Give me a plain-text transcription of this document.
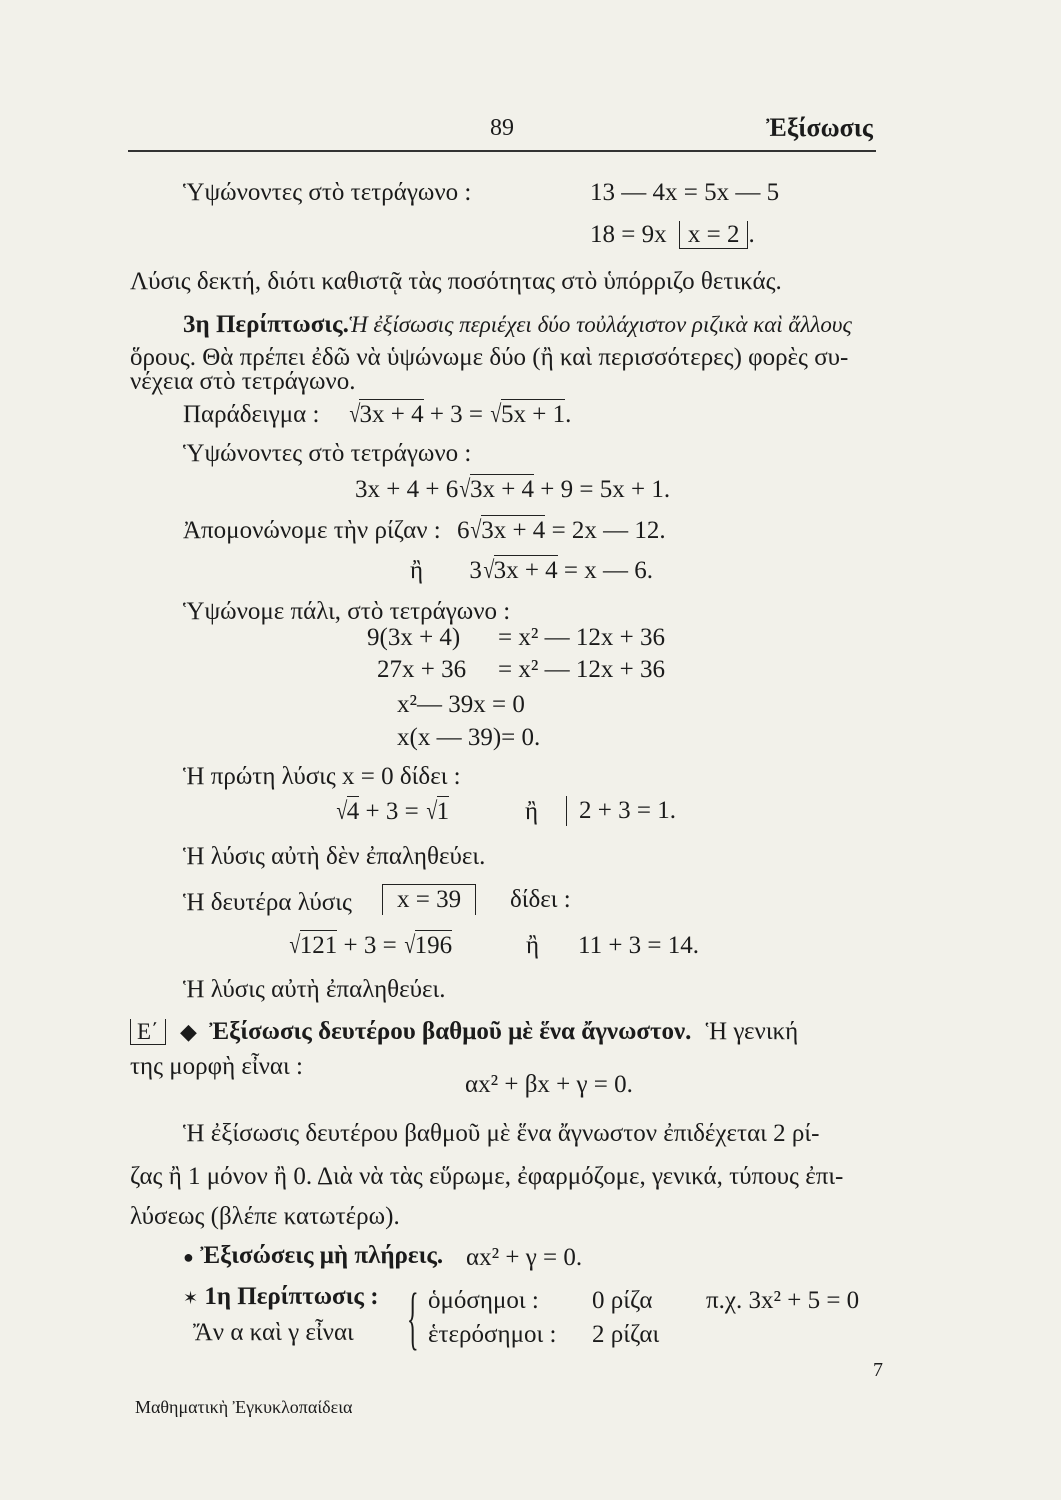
89	Ἐξίσωσις
Ὑψώνοντες στὸ τετράγωνο :	13 — 4x = 5x — 5
18 = 9x x = 2 .
Λύσις δεκτή, διότι καθιστᾷ τὰς ποσότητας στὸ ὑπόρριζο θετικάς.
3η Περίπτωσις.Ἡ ἐξίσωσις περιέχει δύο τοὐλάχιστον ριζικὰ καὶ ἄλλους
ὅρους. Θὰ πρέπει ἐδῶ νὰ ὑψώνωμε δύο (ἢ καὶ περισσότερες) φορὲς συ-
νέχεια στὸ τετράγωνο.
Παράδειγμα : √3x + 4 + 3 = √5x + 1.
Ὑψώνοντες στὸ τετράγωνο :
3x + 4 + 6√3x + 4 + 9 = 5x + 1.
Ἀπομονώνομε τὴν ρίζαν : 6√3x + 4 = 2x — 12.
ἢ 3√3x + 4 = x — 6.
Ὑψώνομε πάλι, στὸ τετράγωνο :
9(3x + 4) = x² — 12x + 36
27x + 36 = x² — 12x + 36
x²— 39x = 0
x(x — 39)= 0.
Ἡ πρώτη λύσις x = 0 δίδει :
√4 + 3 = √1	ἢ	2 + 3 = 1.
Ἡ λύσις αὐτὴ δὲν ἐπαληθεύει.
Ἡ δευτέρα λύσις	x = 39	δίδει :
√121 + 3 = √196	ἢ 11 + 3 = 14.
Ἡ λύσις αὐτὴ ἐπαληθεύει.
Ε΄ ◆ Ἐξίσωσις δευτέρου βαθμοῦ μὲ ἕνα ἄγνωστον. Ἡ γενική
της μορφὴ εἶναι :
αx² + βx + γ = 0.
Ἡ ἐξίσωσις δευτέρου βαθμοῦ μὲ ἕνα ἄγνωστον ἐπιδέχεται 2 ρί-
ζας ἢ 1 μόνον ἢ 0. Διὰ νὰ τὰς εὕρωμε, ἐφαρμόζομε, γενικά, τύπους ἐπι-
λύσεως (βλέπε κατωτέρω).
● Ἐξισώσεις μὴ πλήρεις.
✶ 1η Περίπτωσις :
αx² + γ = 0.
Ἄν α καὶ γ εἶναι { ὁμόσημοι : 0 ρίζα π.χ. 3x² + 5 = 0
ἑτερόσημοι : 2 ρίζαι
Μαθηματικὴ Ἐγκυκλοπαίδεια
7
